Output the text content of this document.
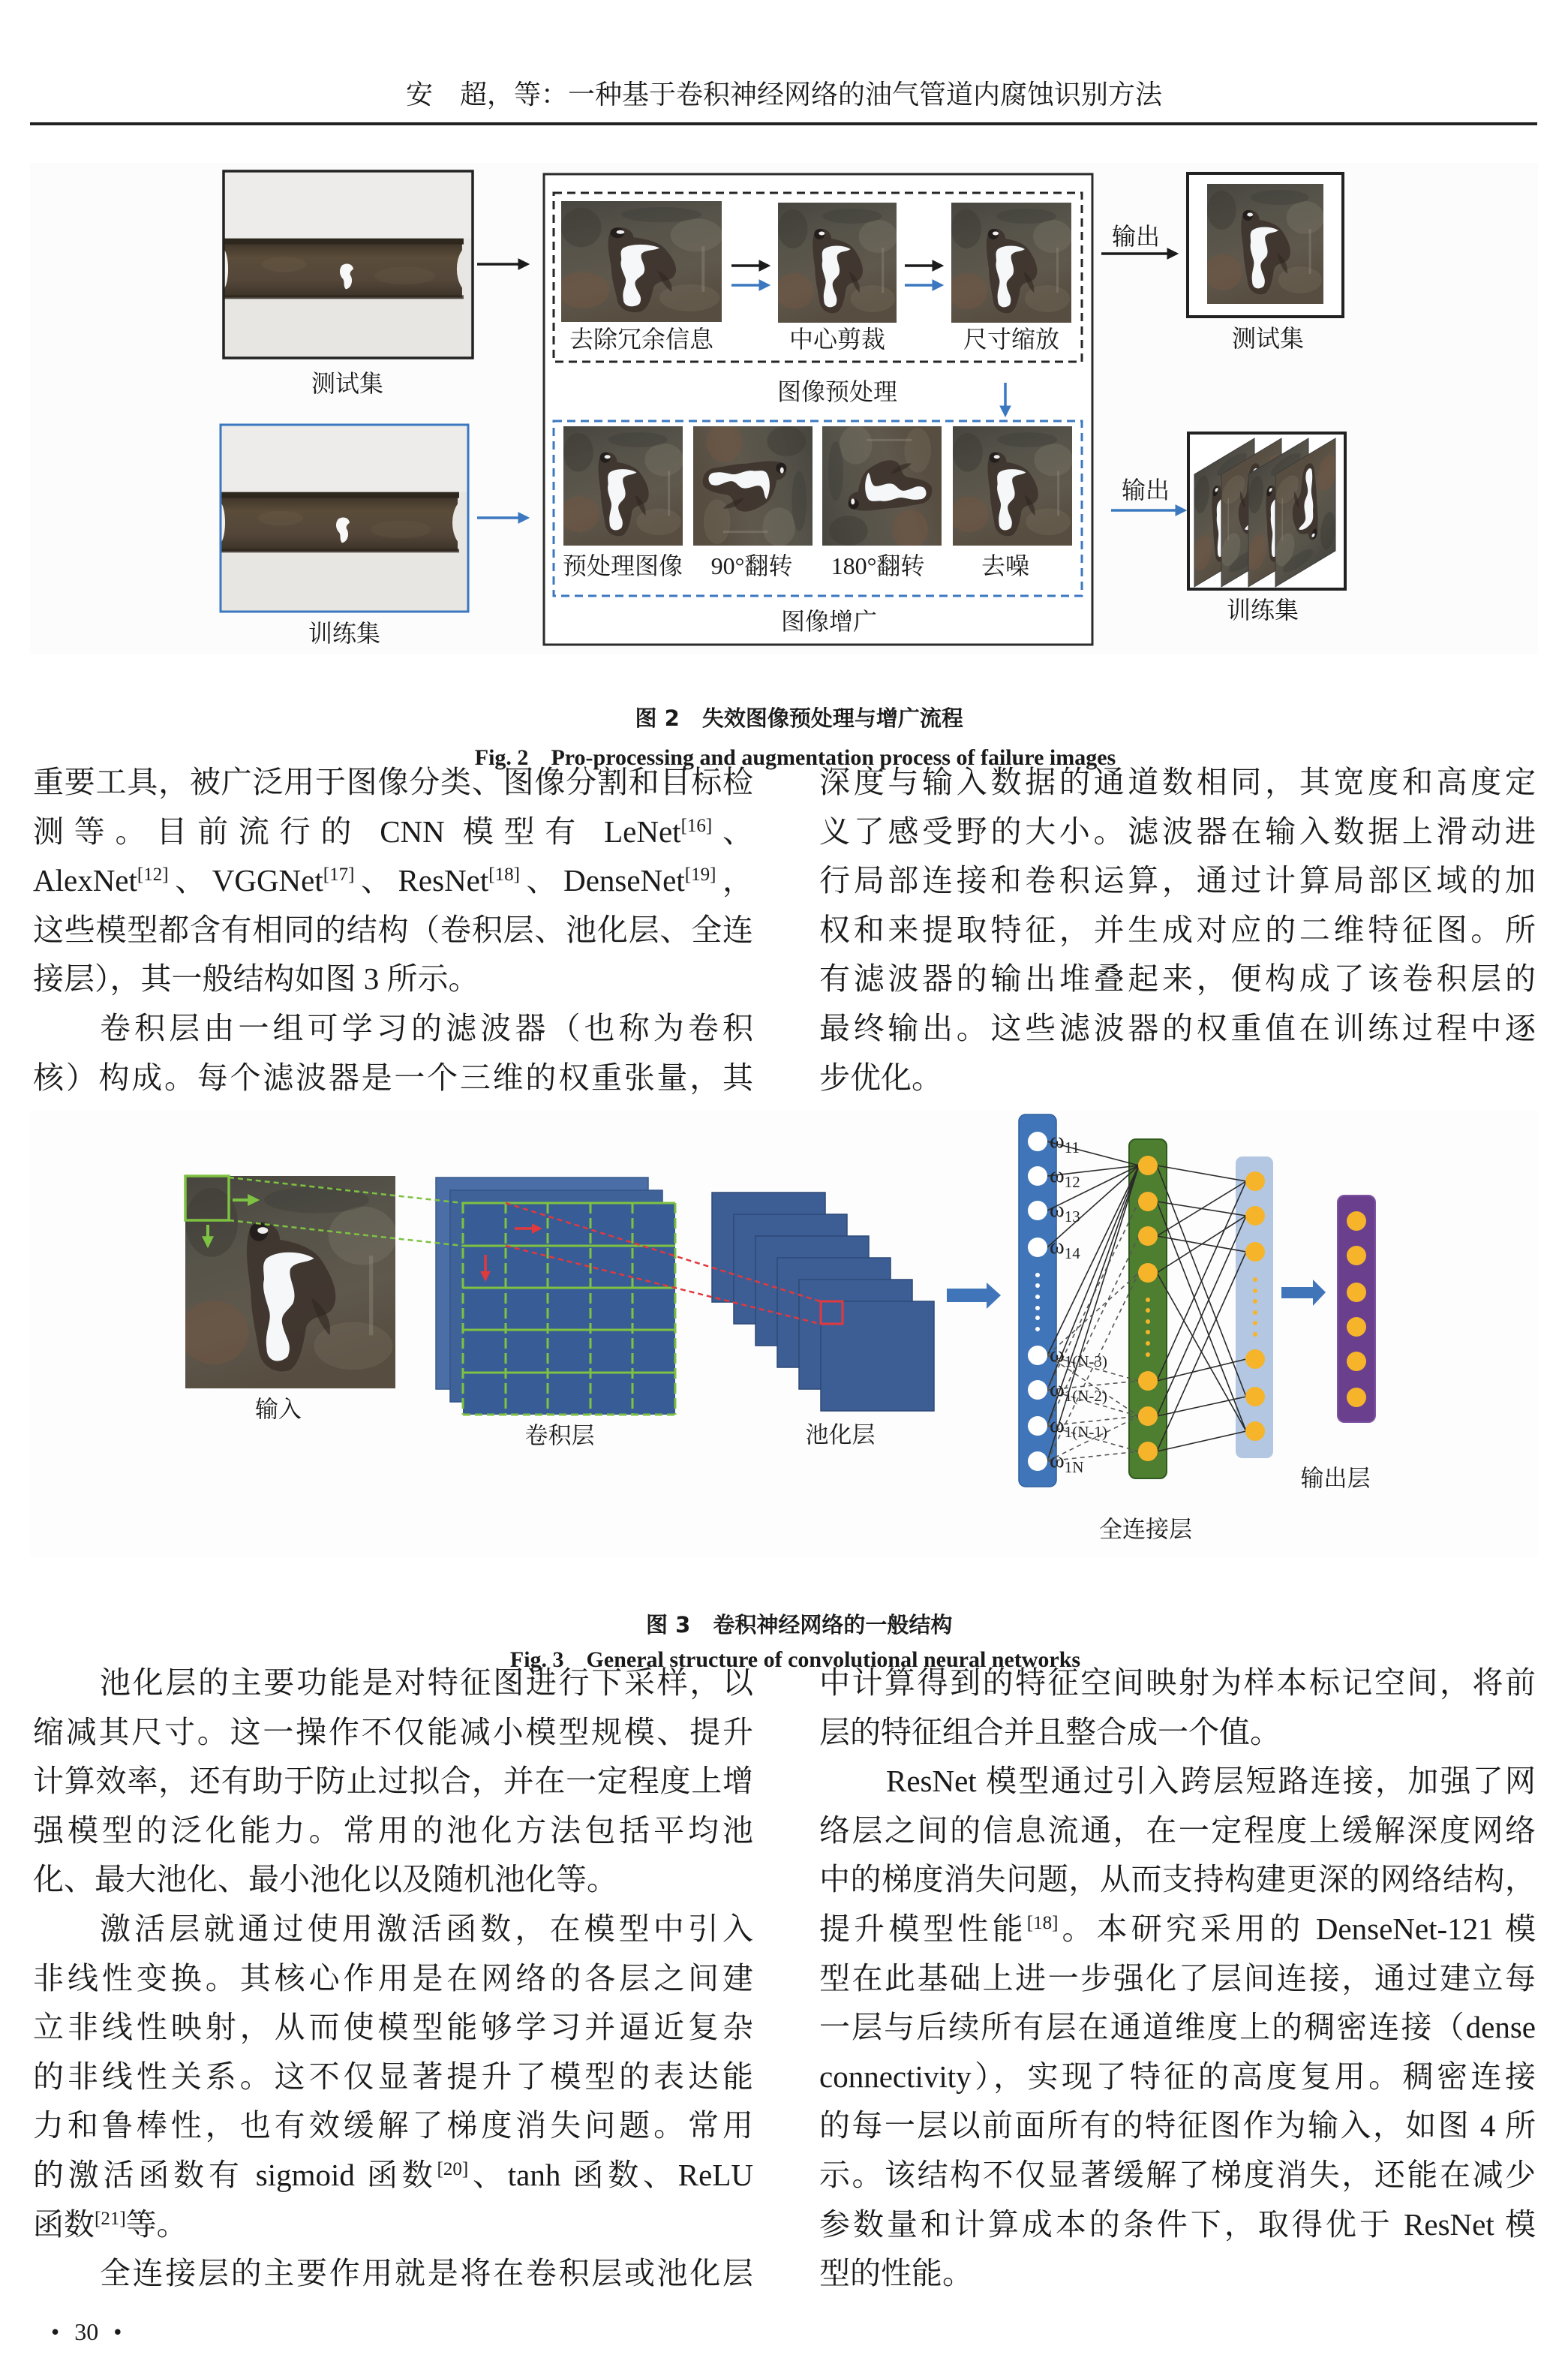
安　超，等：一种基于卷积神经网络的油气管道内腐蚀识别方法
测试集
训练集
去除冗余信息	中心剪裁	尺寸缩放
图像预处理
预处理图像 90°翻转 180°翻转 去噪
图像增广
输出
测试集
输出
训练集

图 2 失效图像预处理与增广流程

Fig. 2 Pro-processing and augmentation process of failure images

重要工具，被广泛用于图像分类、图像分割和目标检
测等。目前流行的 CNN 模型有 LeNet[16]、
AlexNet[12]、VGGNet[17]、ResNet[18]、DenseNet[19]，
这些模型都含有相同的结构（卷积层、池化层、全连
接层），其一般结构如图 3 所示。
卷积层由一组可学习的滤波器（也称为卷积
核）构成。每个滤波器是一个三维的权重张量，其
深度与输入数据的通道数相同，其宽度和高度定
义了感受野的大小。滤波器在输入数据上滑动进
行局部连接和卷积运算，通过计算局部区域的加
权和来提取特征，并生成对应的二维特征图。所
有滤波器的输出堆叠起来，便构成了该卷积层的
最终输出。这些滤波器的权重值在训练过程中逐
步优化。
输入
卷积层	池化层
ω11
ω12
ω13
ω14
ω1(N-3)
ω1(N-2)
ω1(N-1)
ω1N
全连接层
输出层

图 3 卷积神经网络的一般结构

Fig. 3 General structure of convolutional neural networks

池化层的主要功能是对特征图进行下采样，以
缩减其尺寸。这一操作不仅能减小模型规模、提升
计算效率，还有助于防止过拟合，并在一定程度上增
强模型的泛化能力。常用的池化方法包括平均池
化、最大池化、最小池化以及随机池化等。
激活层就通过使用激活函数，在模型中引入
非线性变换。其核心作用是在网络的各层之间建
立非线性映射，从而使模型能够学习并逼近复杂
的非线性关系。这不仅显著提升了模型的表达能
力和鲁棒性，也有效缓解了梯度消失问题。常用
的激活函数有 sigmoid 函数[20]、tanh 函数、ReLU
函数[21]等。
全连接层的主要作用就是将在卷积层或池化层
中计算得到的特征空间映射为样本标记空间，将前
层的特征组合并且整合成一个值。
ResNet 模型通过引入跨层短路连接，加强了网
络层之间的信息流通，在一定程度上缓解深度网络
中的梯度消失问题，从而支持构建更深的网络结构，
提升模型性能[18]。本研究采用的 DenseNet-121 模
型在此基础上进一步强化了层间连接，通过建立每
一层与后续所有层在通道维度上的稠密连接（dense
connectivity），实现了特征的高度复用。稠密连接
的每一层以前面所有的特征图作为输入，如图 4 所
示。该结构不仅显著缓解了梯度消失，还能在减少
参数量和计算成本的条件下，取得优于 ResNet 模
型的性能。
• 30 •
